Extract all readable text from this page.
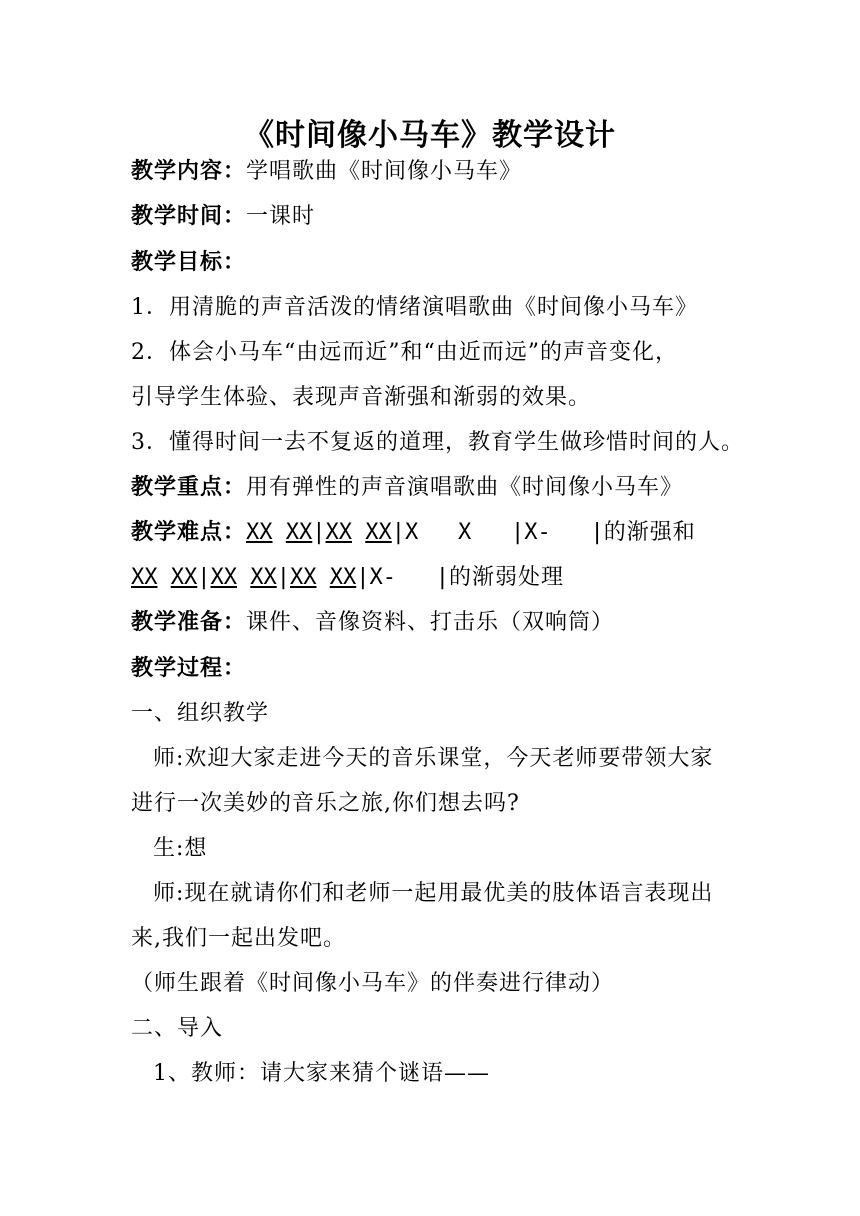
《时间像小马车》教学设计
教学内容：学唱歌曲《时间像小马车》
教学时间：一课时
教学目标：
1．用清脆的声音活泼的情绪演唱歌曲《时间像小马车》
2．体会小马车“由远而近”和“由近而远”的声音变化，
引导学生体验、表现声音渐强和渐弱的效果。
3．懂得时间一去不复返的道理，教育学生做珍惜时间的人。
教学重点：用有弹性的声音演唱歌曲《时间像小马车》
教学难点：XX XX|XX XX|X   X   |X-   |的渐强和
XX XX|XX XX|XX XX|X-   |的渐弱处理
教学准备：课件、音像资料、打击乐（双响筒）
教学过程：
一、组织教学
师:欢迎大家走进今天的音乐课堂，今天老师要带领大家
进行一次美妙的音乐之旅,你们想去吗?
生:想
师:现在就请你们和老师一起用最优美的肢体语言表现出
来,我们一起出发吧。
（师生跟着《时间像小马车》的伴奏进行律动）
二、导入
1、教师：请大家来猜个谜语——
